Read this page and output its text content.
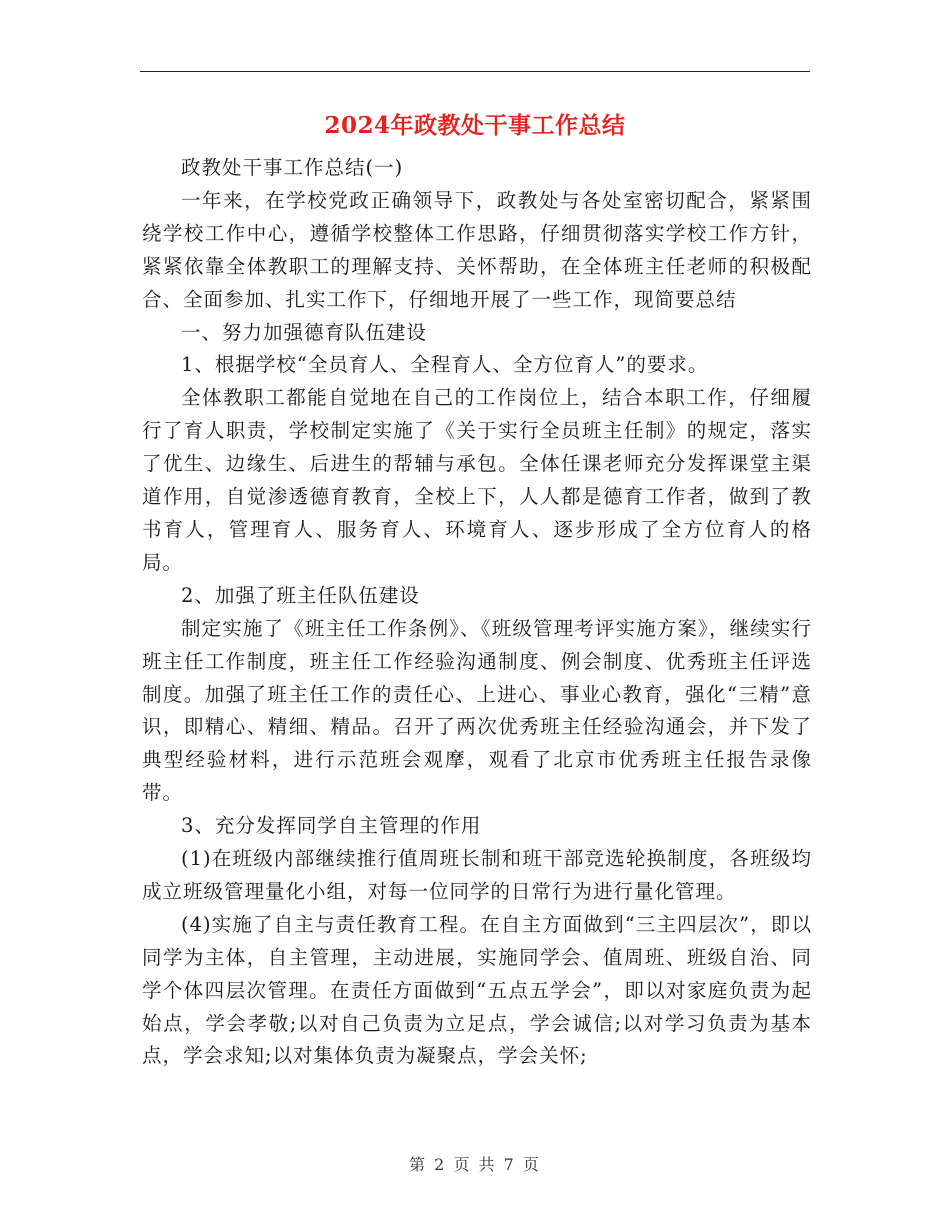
2024年政教处干事工作总结

政教处干事工作总结(一)

一年来，在学校党政正确领导下，政教处与各处室密切配合，紧紧围绕学校工作中心，遵循学校整体工作思路，仔细贯彻落实学校工作方针，紧紧依靠全体教职工的理解支持、关怀帮助，在全体班主任老师的积极配合、全面参加、扎实工作下，仔细地开展了一些工作，现简要总结

一、努力加强德育队伍建设

1、根据学校“全员育人、全程育人、全方位育人”的要求。

全体教职工都能自觉地在自己的工作岗位上，结合本职工作，仔细履行了育人职责，学校制定实施了《关于实行全员班主任制》的规定，落实了优生、边缘生、后进生的帮辅与承包。全体任课老师充分发挥课堂主渠道作用，自觉渗透德育教育，全校上下，人人都是德育工作者，做到了教书育人，管理育人、服务育人、环境育人、逐步形成了全方位育人的格局。

2、加强了班主任队伍建设

制定实施了《班主任工作条例》、《班级管理考评实施方案》，继续实行班主任工作制度，班主任工作经验沟通制度、例会制度、优秀班主任评选制度。加强了班主任工作的责任心、上进心、事业心教育，强化“三精”意识，即精心、精细、精品。召开了两次优秀班主任经验沟通会，并下发了典型经验材料，进行示范班会观摩，观看了北京市优秀班主任报告录像带。

3、充分发挥同学自主管理的作用

(1)在班级内部继续推行值周班长制和班干部竞选轮换制度，各班级均成立班级管理量化小组，对每一位同学的日常行为进行量化管理。

(4)实施了自主与责任教育工程。在自主方面做到“三主四层次”，即以同学为主体，自主管理，主动进展，实施同学会、值周班、班级自治、同学个体四层次管理。在责任方面做到“五点五学会”，即以对家庭负责为起始点，学会孝敬;以对自己负责为立足点，学会诚信;以对学习负责为基本点，学会求知;以对集体负责为凝聚点，学会关怀;

第 2 页 共 7 页
